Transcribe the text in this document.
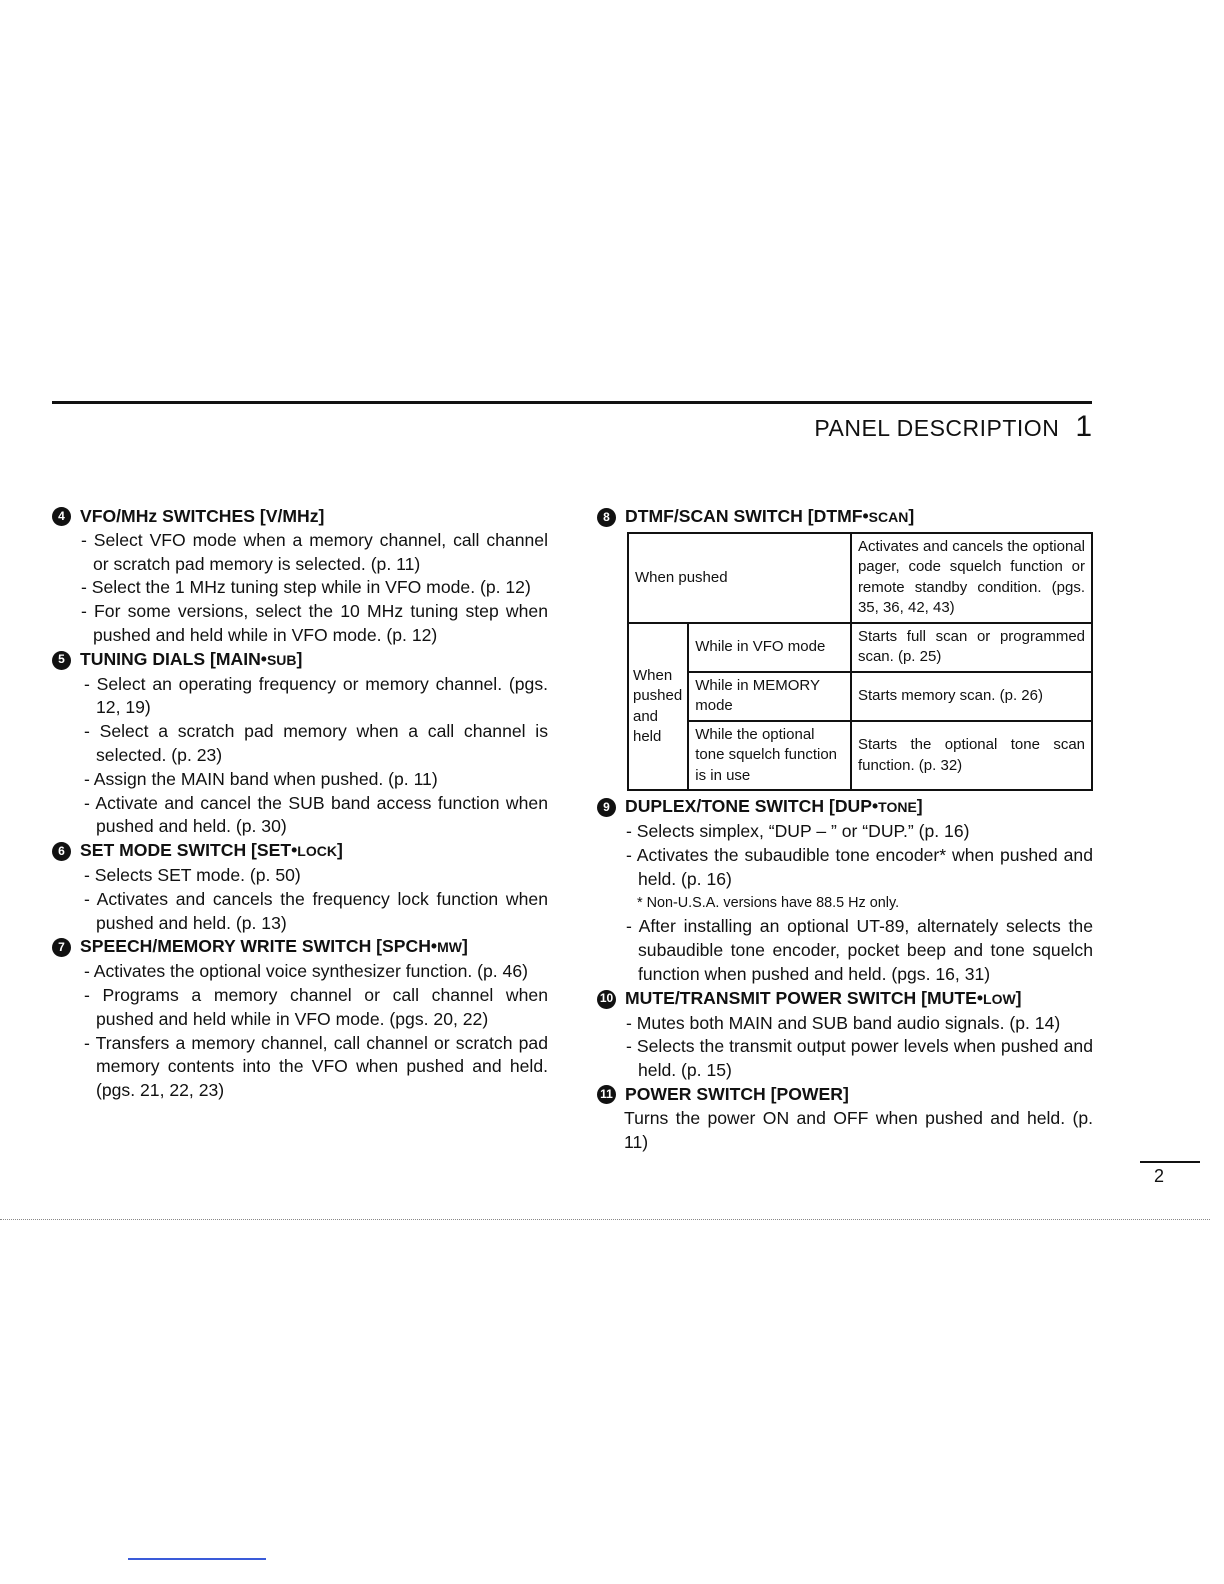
PANEL DESCRIPTION 1
4 VFO/MHz SWITCHES [V/MHz]
- Select VFO mode when a memory channel, call channel or scratch pad memory is selected. (p. 11)
- Select the 1 MHz tuning step while in VFO mode. (p. 12)
- For some versions, select the 10 MHz tuning step when pushed and held while in VFO mode. (p. 12)
5 TUNING DIALS [MAIN•SUB]
- Select an operating frequency or memory channel. (pgs. 12, 19)
- Select a scratch pad memory when a call channel is selected. (p. 23)
- Assign the MAIN band when pushed. (p. 11)
- Activate and cancel the SUB band access function when pushed and held. (p. 30)
6 SET MODE SWITCH [SET•LOCK]
- Selects SET mode. (p. 50)
- Activates and cancels the frequency lock function when pushed and held. (p. 13)
7 SPEECH/MEMORY WRITE SWITCH [SPCH•MW]
- Activates the optional voice synthesizer function. (p. 46)
- Programs a memory channel or call channel when pushed and held while in VFO mode. (pgs. 20, 22)
- Transfers a memory channel, call channel or scratch pad memory contents into the VFO when pushed and held. (pgs. 21, 22, 23)
8 DTMF/SCAN SWITCH [DTMF•SCAN]
When pushed		Activates and cancels the optional pager, code squelch function or remote standby condition. (pgs. 35, 36, 42, 43)
When pushed and held	While in VFO mode	Starts full scan or programmed scan. (p. 25)
	While in MEMORY mode	Starts memory scan. (p. 26)
	While the optional tone squelch function is in use	Starts the optional tone scan function. (p. 32)
9 DUPLEX/TONE SWITCH [DUP•TONE]
- Selects simplex, “DUP – ” or “DUP.” (p. 16)
- Activates the subaudible tone encoder* when pushed and held. (p. 16)
* Non-U.S.A. versions have 88.5 Hz only.
- After installing an optional UT-89, alternately selects the subaudible tone encoder, pocket beep and tone squelch function when pushed and held. (pgs. 16, 31)
10 MUTE/TRANSMIT POWER SWITCH [MUTE•LOW]
- Mutes both MAIN and SUB band audio signals. (p. 14)
- Selects the transmit output power levels when pushed and held. (p. 15)
11 POWER SWITCH [POWER]
Turns the power ON and OFF when pushed and held. (p. 11)
2
